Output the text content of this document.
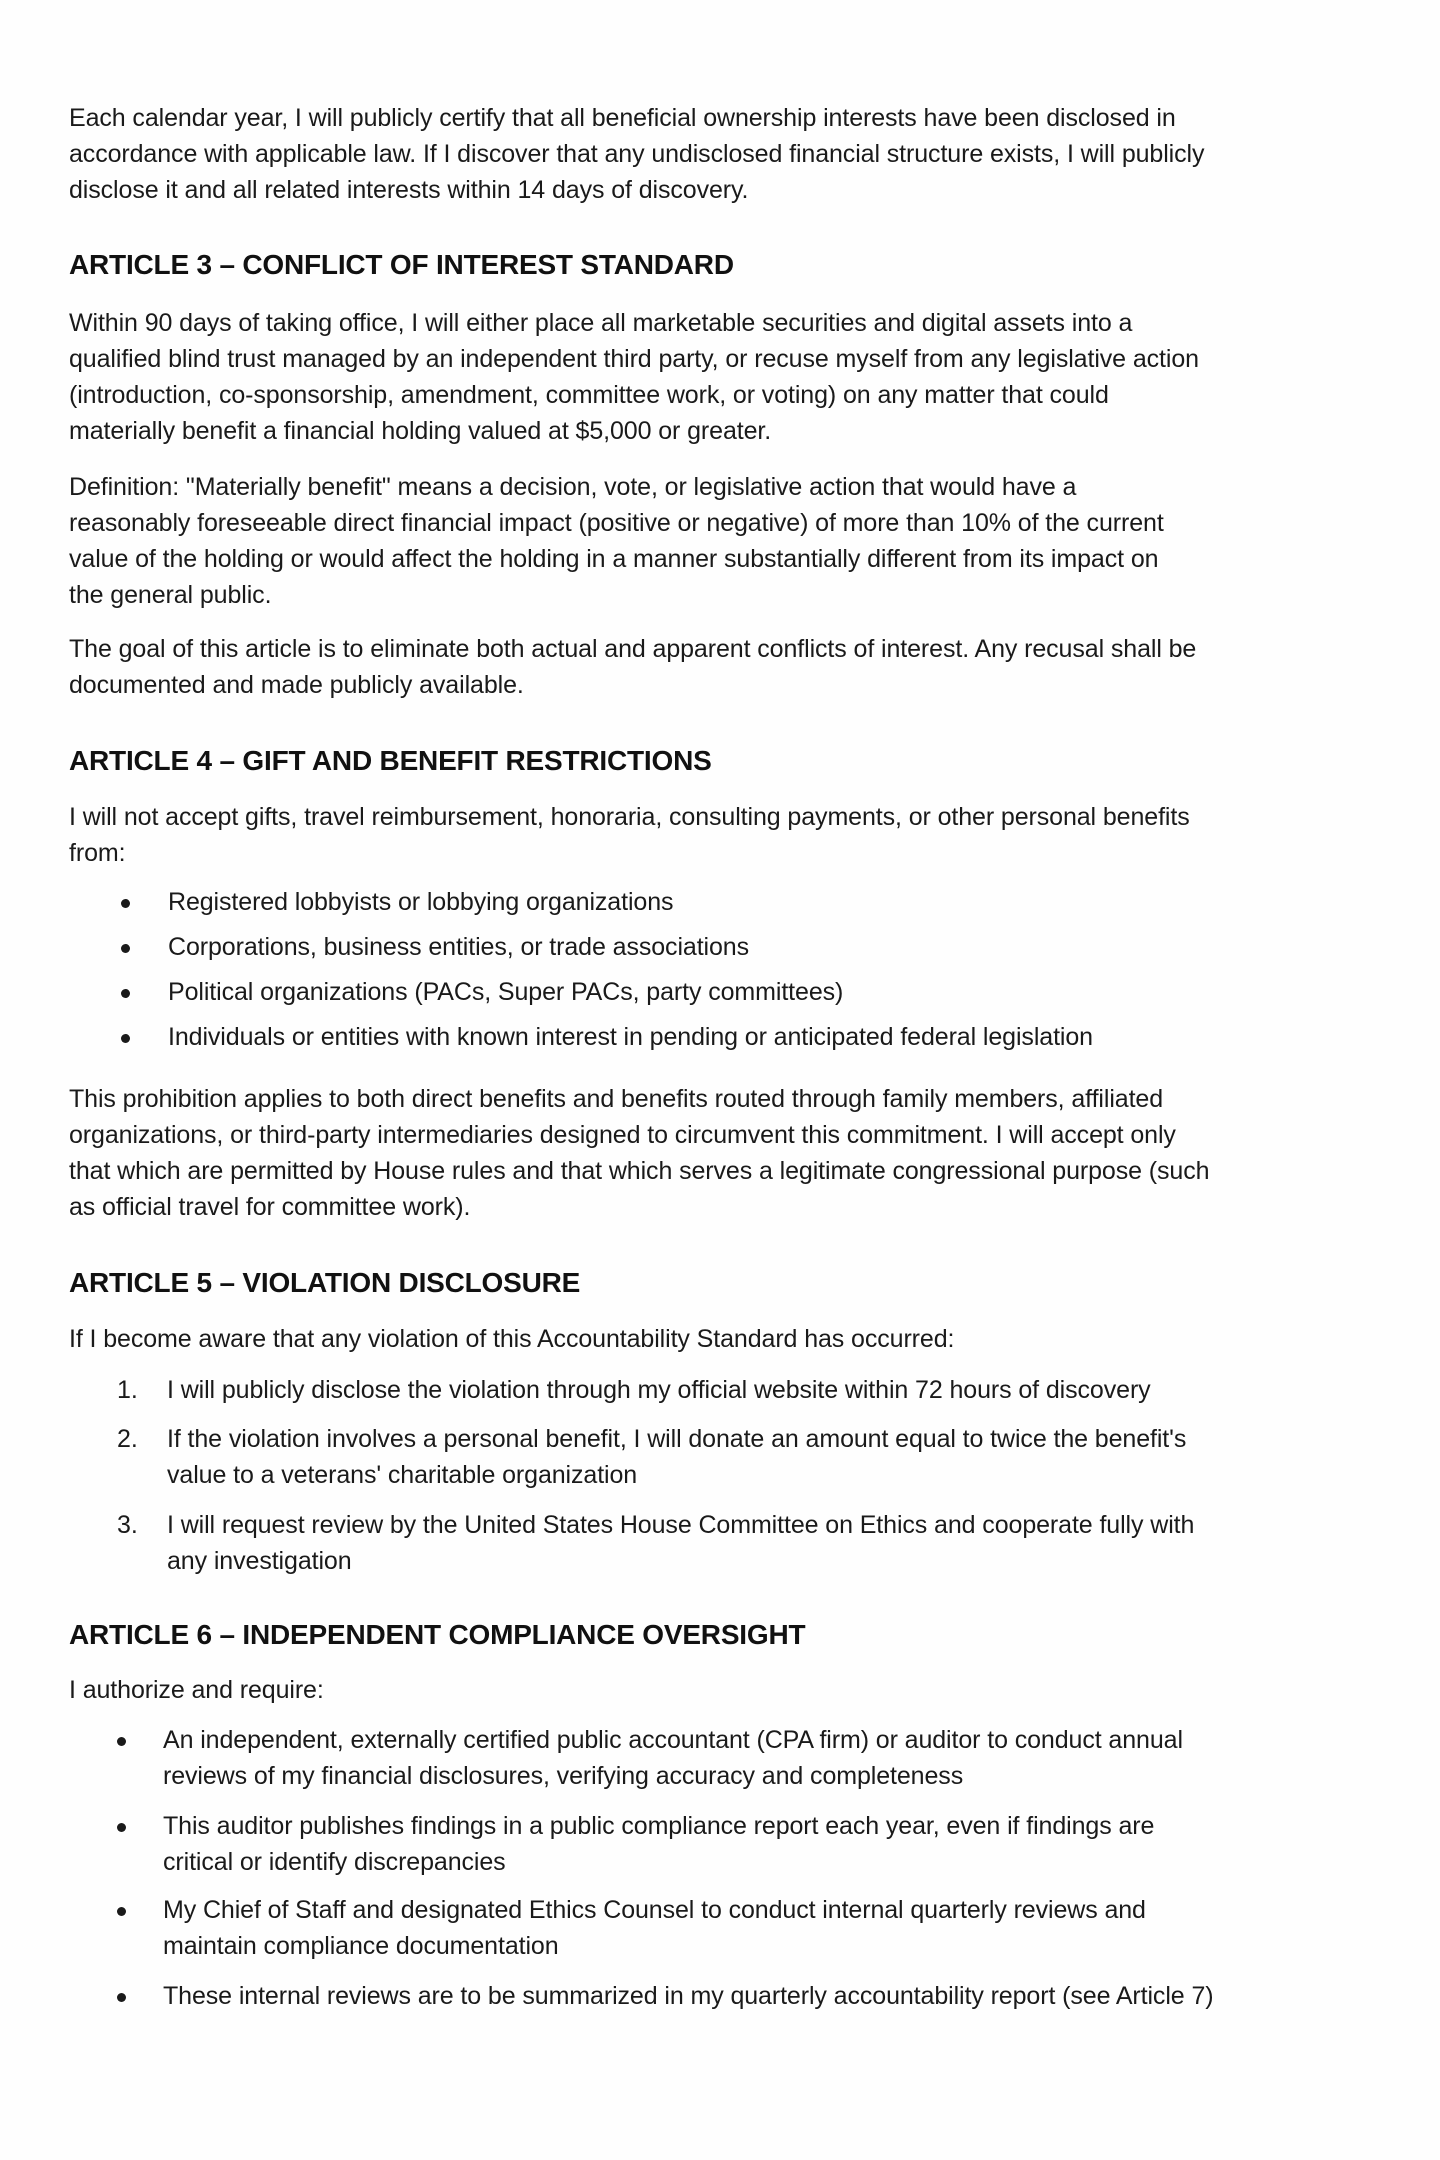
Each calendar year, I will publicly certify that all beneficial ownership interests have been disclosed in
accordance with applicable law. If I discover that any undisclosed financial structure exists, I will publicly
disclose it and all related interests within 14 days of discovery.
ARTICLE 3 – CONFLICT OF INTEREST STANDARD
Within 90 days of taking office, I will either place all marketable securities and digital assets into a
qualified blind trust managed by an independent third party, or recuse myself from any legislative action
(introduction, co-sponsorship, amendment, committee work, or voting) on any matter that could
materially benefit a financial holding valued at $5,000 or greater.
Definition: "Materially benefit" means a decision, vote, or legislative action that would have a
reasonably foreseeable direct financial impact (positive or negative) of more than 10% of the current
value of the holding or would affect the holding in a manner substantially different from its impact on
the general public.
The goal of this article is to eliminate both actual and apparent conflicts of interest. Any recusal shall be
documented and made publicly available.
ARTICLE 4 – GIFT AND BENEFIT RESTRICTIONS
I will not accept gifts, travel reimbursement, honoraria, consulting payments, or other personal benefits
from:
Registered lobbyists or lobbying organizations
Corporations, business entities, or trade associations
Political organizations (PACs, Super PACs, party committees)
Individuals or entities with known interest in pending or anticipated federal legislation
This prohibition applies to both direct benefits and benefits routed through family members, affiliated
organizations, or third-party intermediaries designed to circumvent this commitment. I will accept only
that which are permitted by House rules and that which serves a legitimate congressional purpose (such
as official travel for committee work).
ARTICLE 5 – VIOLATION DISCLOSURE
If I become aware that any violation of this Accountability Standard has occurred:
1. I will publicly disclose the violation through my official website within 72 hours of discovery
2. If the violation involves a personal benefit, I will donate an amount equal to twice the benefit's
value to a veterans' charitable organization
3. I will request review by the United States House Committee on Ethics and cooperate fully with
any investigation
ARTICLE 6 – INDEPENDENT COMPLIANCE OVERSIGHT
I authorize and require:
An independent, externally certified public accountant (CPA firm) or auditor to conduct annual
reviews of my financial disclosures, verifying accuracy and completeness
This auditor publishes findings in a public compliance report each year, even if findings are
critical or identify discrepancies
My Chief of Staff and designated Ethics Counsel to conduct internal quarterly reviews and
maintain compliance documentation
These internal reviews are to be summarized in my quarterly accountability report (see Article 7)
